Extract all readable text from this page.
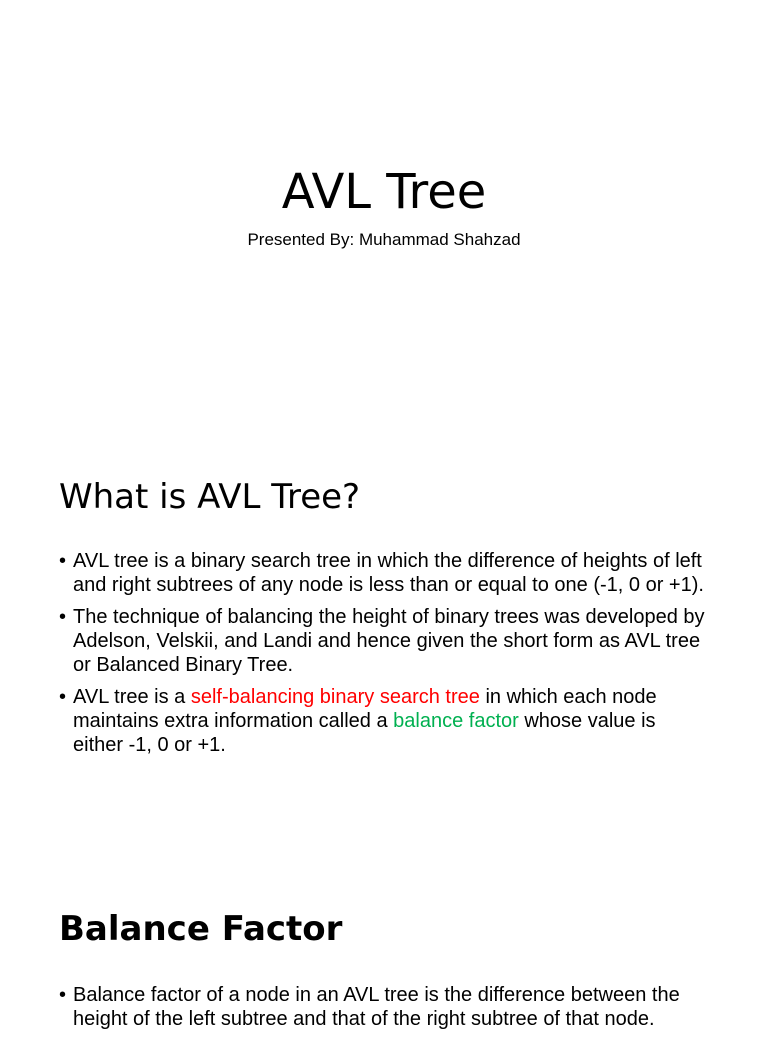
AVL Tree

Presented By: Muhammad Shahzad

What is AVL Tree?
• AVL tree is a binary search tree in which the difference of heights of left and right subtrees of any node is less than or equal to one (-1, 0 or +1).
• The technique of balancing the height of binary trees was developed by Adelson, Velskii, and Landi and hence given the short form as AVL tree or Balanced Binary Tree.
• AVL tree is a self-balancing binary search tree in which each node maintains extra information called a balance factor whose value is either -1, 0 or +1.
Balance Factor
• Balance factor of a node in an AVL tree is the difference between the height of the left subtree and that of the right subtree of that node.
